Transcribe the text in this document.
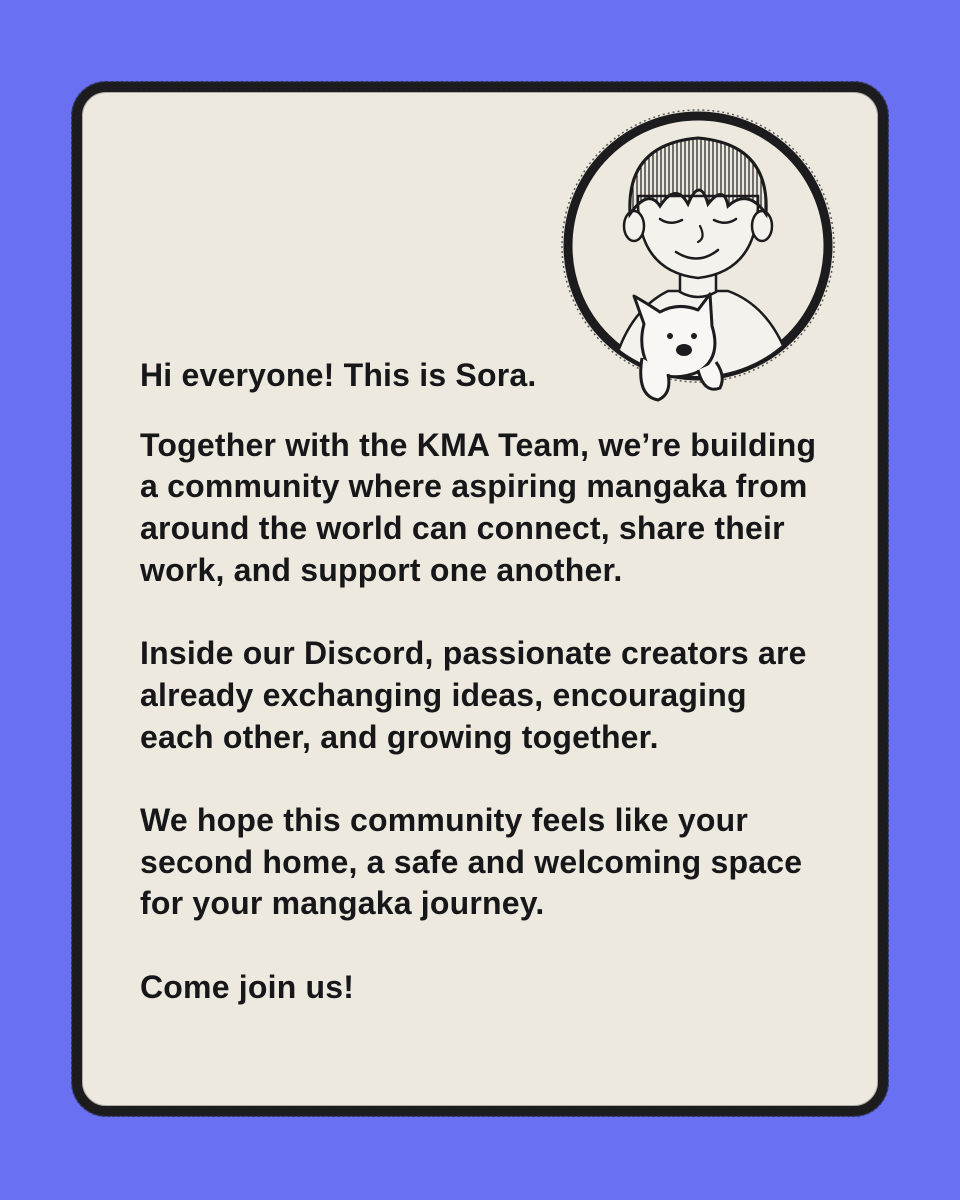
Hi everyone! This is Sora.

Together with the KMA Team, we’re building a community where aspiring mangaka from around the world can connect, share their work, and support one another.

Inside our Discord, passionate creators are already exchanging ideas, encouraging each other, and growing together.

We hope this community feels like your second home, a safe and welcoming space for your mangaka journey.

Come join us!
